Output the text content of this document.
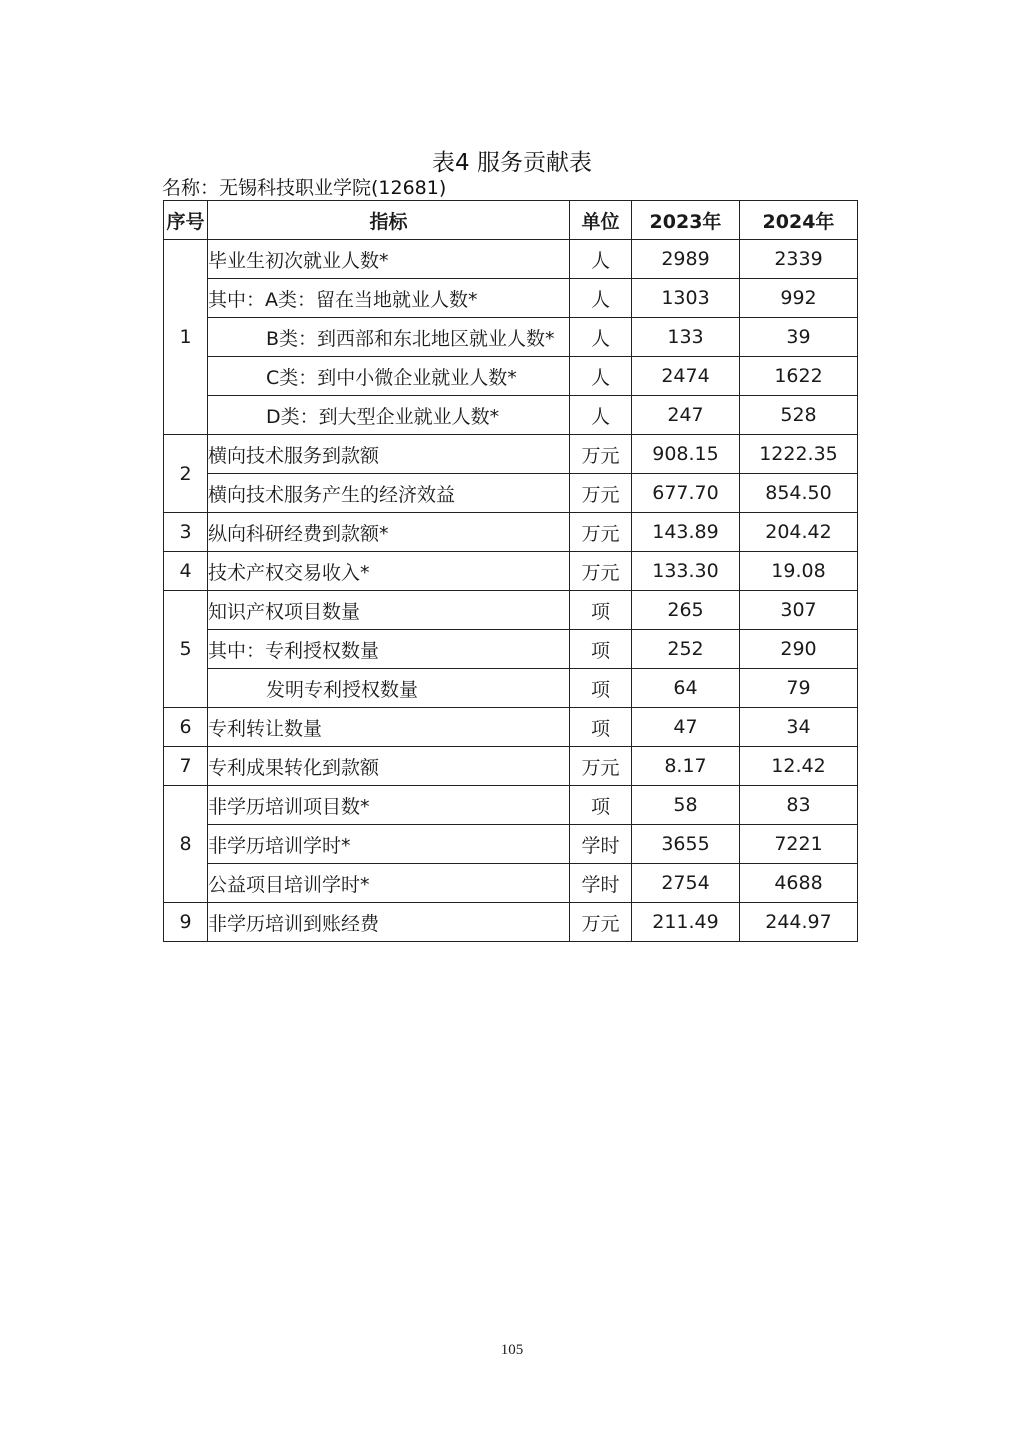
表4 服务贡献表
名称：无锡科技职业学院(12681)
序号	指标	单位	2023年	2024年
1	毕业生初次就业人数*	人	2989	2339
	其中：A类：留在当地就业人数*	人	1303	992
	B类：到西部和东北地区就业人数*	人	133	39
	C类：到中小微企业就业人数*	人	2474	1622
	D类：到大型企业就业人数*	人	247	528
2	横向技术服务到款额	万元	908.15	1222.35
	横向技术服务产生的经济效益	万元	677.70	854.50
3	纵向科研经费到款额*	万元	143.89	204.42
4	技术产权交易收入*	万元	133.30	19.08
5	知识产权项目数量	项	265	307
	其中：专利授权数量	项	252	290
	发明专利授权数量	项	64	79
6	专利转让数量	项	47	34
7	专利成果转化到款额	万元	8.17	12.42
8	非学历培训项目数*	项	58	83
	非学历培训学时*	学时	3655	7221
	公益项目培训学时*	学时	2754	4688
9	非学历培训到账经费	万元	211.49	244.97
105
